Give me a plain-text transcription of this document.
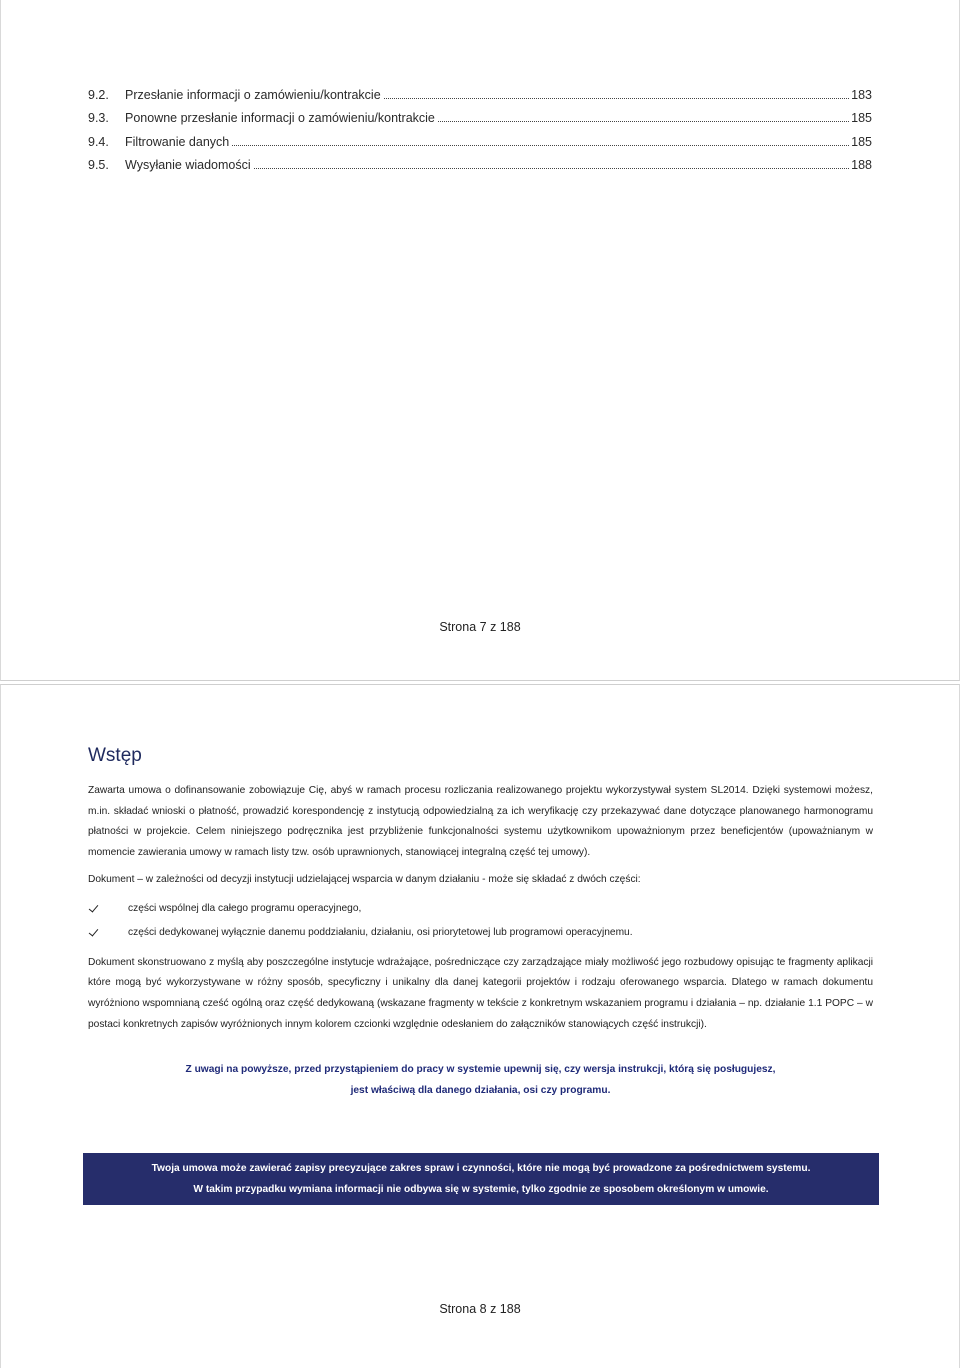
9.2.	Przesłanie informacji o zamówieniu/kontrakcie	183
9.3.	Ponowne przesłanie informacji o zamówieniu/kontrakcie	185
9.4.	Filtrowanie danych	185
9.5.	Wysyłanie wiadomości	188
Strona 7 z 188
Wstęp

Zawarta umowa o dofinansowanie zobowiązuje Cię, abyś w ramach procesu rozliczania realizowanego projektu wykorzystywał system SL2014. Dzięki systemowi możesz, m.in. składać wnioski o płatność, prowadzić korespondencję z instytucją odpowiedzialną za ich weryfikację czy przekazywać dane dotyczące planowanego harmonogramu płatności w projekcie. Celem niniejszego podręcznika jest przybliżenie funkcjonalności systemu użytkownikom upoważnionym przez beneficjentów (upoważnianym w momencie zawierania umowy w ramach listy tzw. osób uprawnionych, stanowiącej integralną część tej umowy).

Dokument – w zależności od decyzji instytucji udzielającej wsparcia w danym działaniu - może się składać z dwóch części:

części wspólnej dla całego programu operacyjnego,
części dedykowanej wyłącznie danemu poddziałaniu, działaniu, osi priorytetowej lub programowi operacyjnemu.

Dokument skonstruowano z myślą aby poszczególne instytucje wdrażające, pośredniczące czy zarządzające miały możliwość jego rozbudowy opisując te fragmenty aplikacji które mogą być wykorzystywane w różny sposób, specyficzny i unikalny dla danej kategorii projektów i rodzaju oferowanego wsparcia. Dlatego w ramach dokumentu wyróżniono wspomnianą cześć ogólną oraz część dedykowaną (wskazane fragmenty w tekście z konkretnym wskazaniem programu i działania – np. działanie 1.1 POPC – w postaci konkretnych zapisów wyróżnionych innym kolorem czcionki względnie odesłaniem do załączników stanowiących część instrukcji).

Z uwagi na powyższe, przed przystąpieniem do pracy w systemie upewnij się, czy wersja instrukcji, którą się posługujesz,
jest właściwą dla danego działania, osi czy programu.
Twoja umowa może zawierać zapisy precyzujące zakres spraw i czynności, które nie mogą być prowadzone za pośrednictwem systemu.
W takim przypadku wymiana informacji nie odbywa się w systemie, tylko zgodnie ze sposobem określonym w umowie.
Strona 8 z 188
